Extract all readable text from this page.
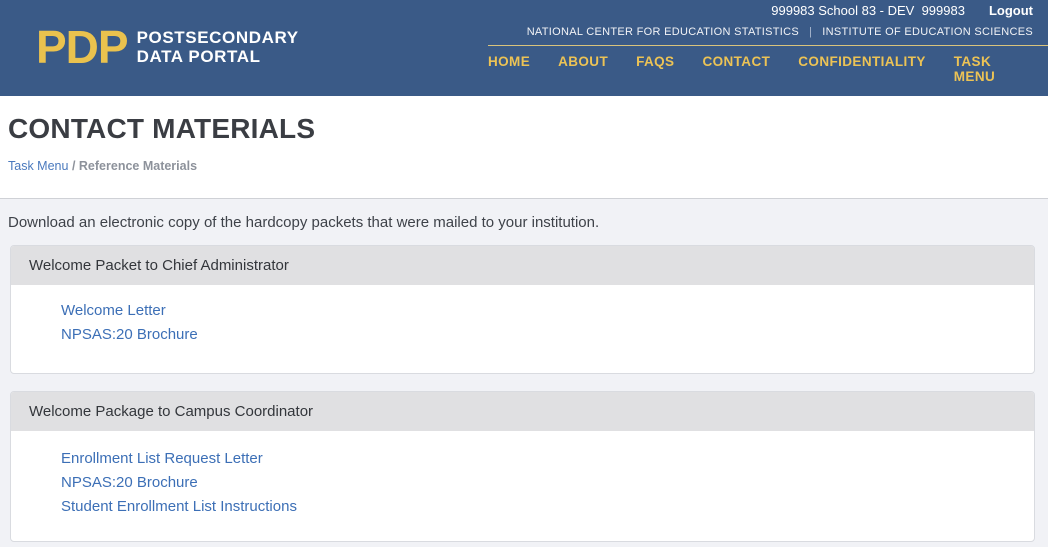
999983 School 83 - DEV  999983 Logout
PDP POSTSECONDARY
DATA PORTAL
NATIONAL CENTER FOR EDUCATION STATISTICS | INSTITUTE OF EDUCATION SCIENCES
HOME ABOUT FAQS CONTACT CONFIDENTIALITY TASK MENU
CONTACT MATERIALS
Task Menu / Reference Materials

Download an electronic copy of the hardcopy packets that were mailed to your institution.

Welcome Packet to Chief Administrator
Welcome Letter
NPSAS:20 Brochure
Welcome Package to Campus Coordinator
Enrollment List Request Letter
NPSAS:20 Brochure
Student Enrollment List Instructions
